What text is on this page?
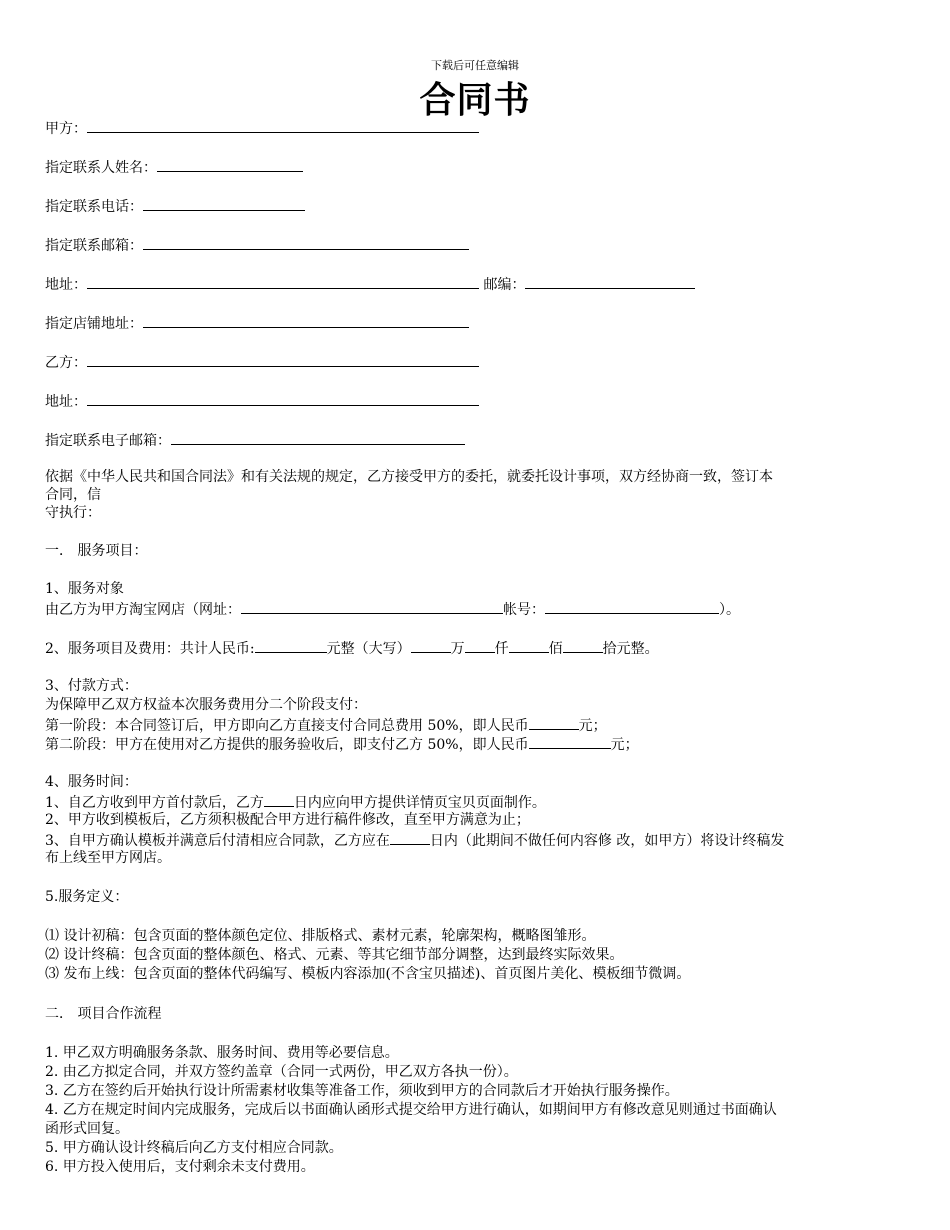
下载后可任意编辑
合同书
甲方：
指定联系人姓名：
指定联系电话：
指定联系邮箱：
地址：	邮编：
指定店铺地址：
乙方：
地址：
指定联系电子邮箱：
依据《中华人民共和国合同法》和有关法规的规定，乙方接受甲方的委托，就委托设计事项，双方经协商一致，签订本
合同，信
守执行：
一． 服务项目：
1、服务对象
由乙方为甲方淘宝网店（网址：	帐号：	）。
2、服务项目及费用：共计人民币:	元整（大写）	万 仟	佰	拾元整。
3、付款方式：
为保障甲乙双方权益本次服务费用分二个阶段支付：
第一阶段：本合同签订后，甲方即向乙方直接支付合同总费用 50%，即人民币	元；
第二阶段：甲方在使用对乙方提供的服务验收后，即支付乙方 50%，即人民币	元；
4、服务时间：
1、自乙方收到甲方首付款后，乙方 日内应向甲方提供详情页宝贝页面制作。
2、甲方收到模板后，乙方须积极配合甲方进行稿件修改，直至甲方满意为止；
3、自甲方确认模板并满意后付清相应合同款，乙方应在	日内（此期间不做任何内容修 改，如甲方）将设计终稿发
布上线至甲方网店。
5.服务定义：
⑴ 设计初稿：包含页面的整体颜色定位、排版格式、素材元素，轮廓架构，概略图雏形。
⑵ 设计终稿：包含页面的整体颜色、格式、元素、等其它细节部分调整，达到最终实际效果。
⑶ 发布上线：包含页面的整体代码编写、模板内容添加(不含宝贝描述)、首页图片美化、模板细节微调。
二． 项目合作流程
1. 甲乙双方明确服务条款、服务时间、费用等必要信息。
2. 由乙方拟定合同，并双方签约盖章（合同一式两份，甲乙双方各执一份）。
3. 乙方在签约后开始执行设计所需素材收集等准备工作，须收到甲方的合同款后才开始执行服务操作。
4. 乙方在规定时间内完成服务，完成后以书面确认函形式提交给甲方进行确认，如期间甲方有修改意见则通过书面确认
函形式回复。
5. 甲方确认设计终稿后向乙方支付相应合同款。
6. 甲方投入使用后，支付剩余未支付费用。
